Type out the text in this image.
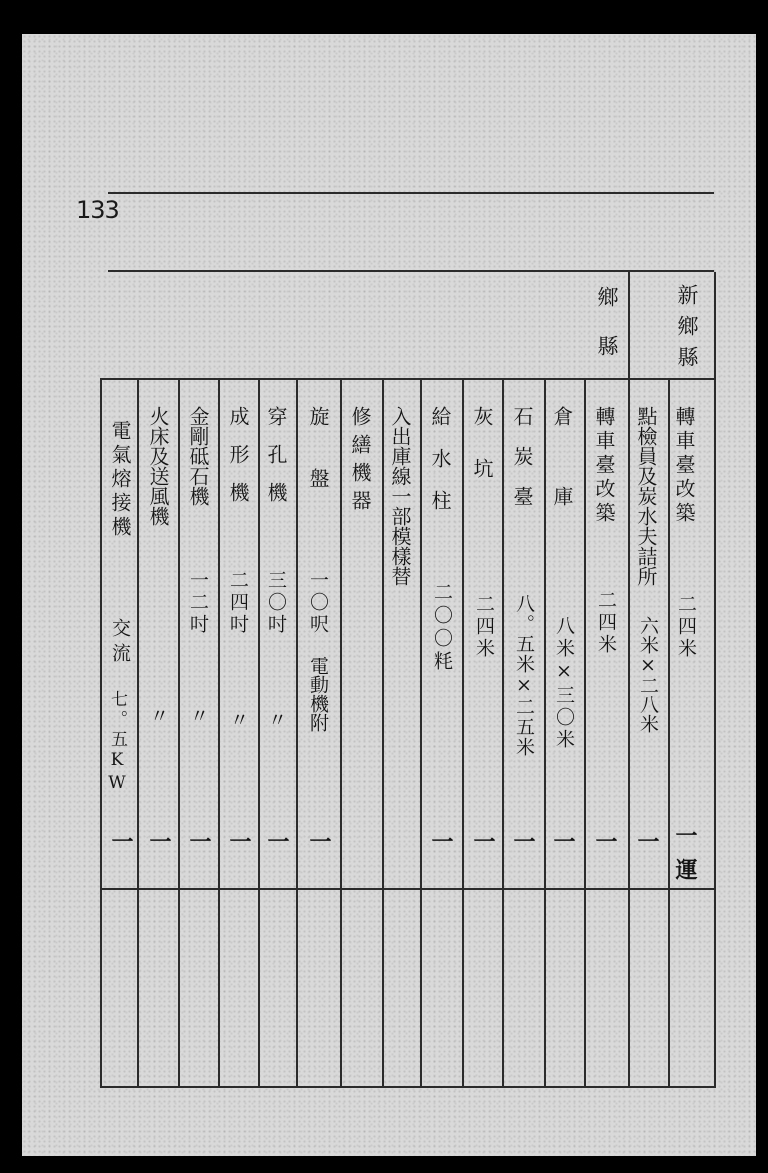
133
新鄉縣
鄉縣
轉車臺改築
二四米
一運
點檢員及炭水夫詰所
六米×二八米
一
轉車臺改築
二四米
一
倉庫
八米×三〇米
一
石炭臺
八。五米×二五米
一
灰坑
二四米
一
給水柱
二〇〇粍
一
入出庫線一部模樣替
修繕機器
旋盤
一〇呎
電動機附
一
穿孔機
三〇吋
〃
一
成形機
二四吋
〃
一
金剛砥石機
一二吋
〃
一
火床及送風機
〃
一
電氣熔接機
交流
七。五KW
一
